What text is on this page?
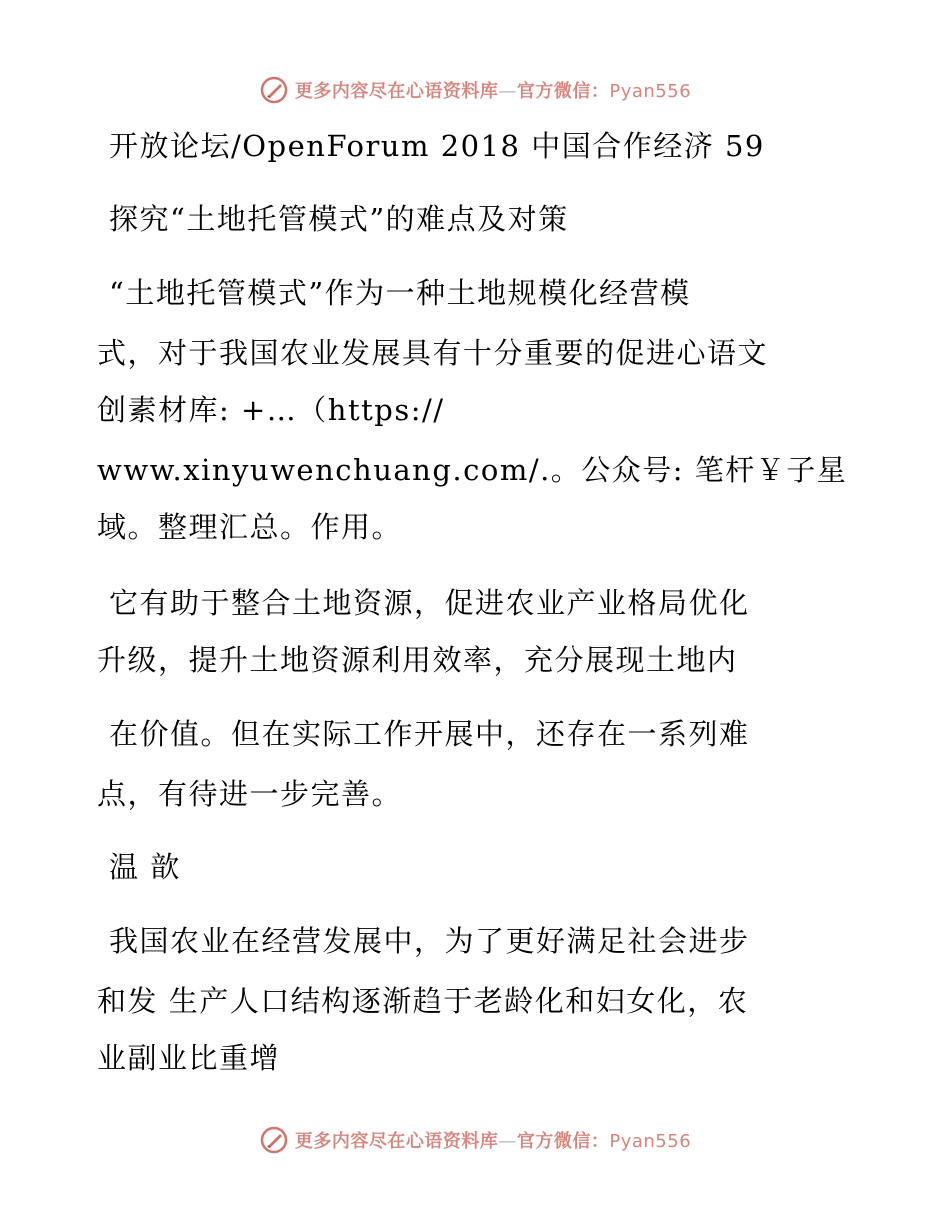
更多内容尽在心语资料库—官方微信：Pyan556
开放论坛/OpenForum 2018 中国合作经济 59
探究“土地托管模式”的难点及对策
“土地托管模式”作为一种土地规模化经营模
式，对于我国农业发展具有十分重要的促进心语文
创素材库: +…（https://
www.xinyuwenchuang.com/.。公众号: 笔杆￥子星
域。整理汇总。作用。
它有助于整合土地资源，促进农业产业格局优化
升级，提升土地资源利用效率，充分展现土地内
在价值。但在实际工作开展中，还存在一系列难
点，有待进一步完善。
温 歆
我国农业在经营发展中，为了更好满足社会进步
和发 生产人口结构逐渐趋于老龄化和妇女化，农
业副业比重增
更多内容尽在心语资料库—官方微信：Pyan556
